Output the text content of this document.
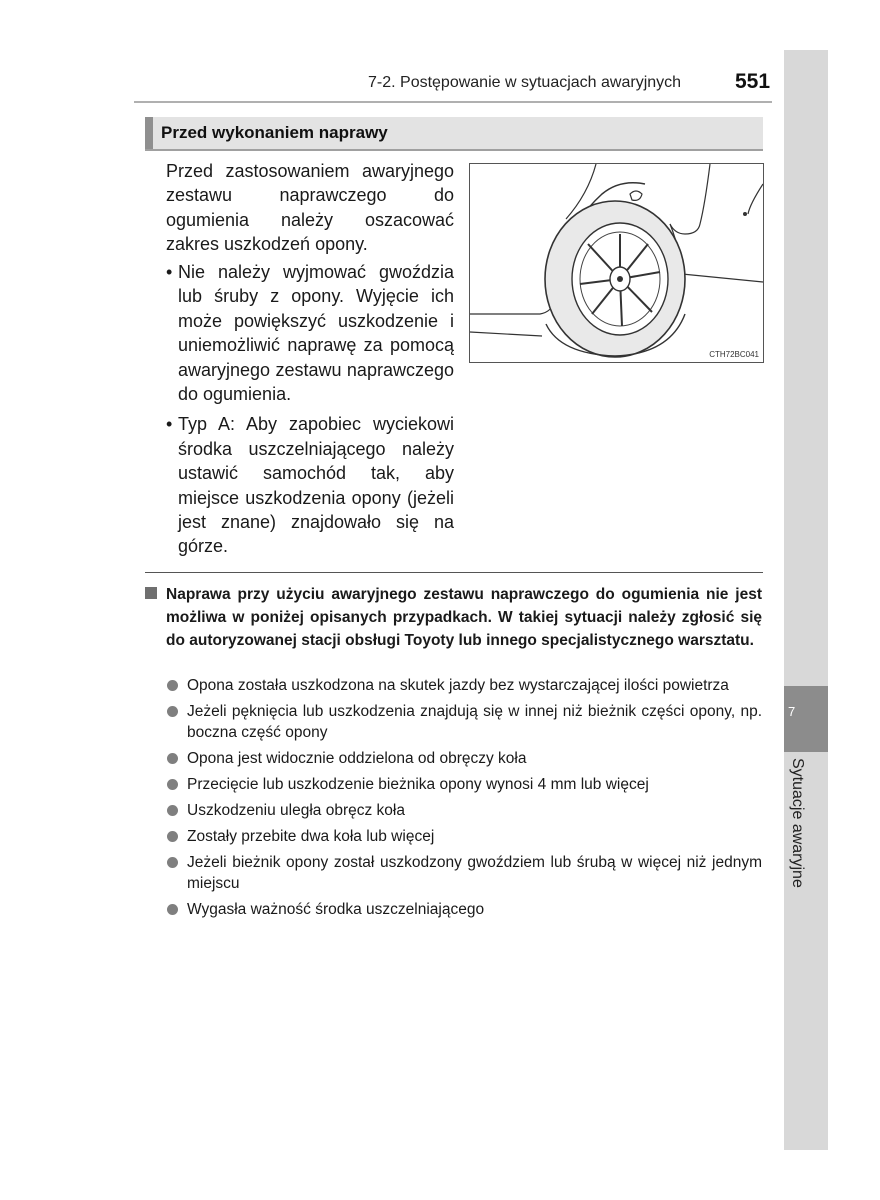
7-2. Postępowanie w sytuacjach awaryjnych	551
7
Sytuacje awaryjne
Przed wykonaniem naprawy

Przed zastosowaniem awaryjnego zestawu naprawczego do ogumienia należy oszacować zakres uszkodzeń opony.

• Nie należy wyjmować gwoździa lub śruby z opony. Wyjęcie ich może powiększyć uszkodzenie i uniemożliwić naprawę za pomocą awaryjnego zestawu naprawczego do ogumienia.
• Typ A: Aby zapobiec wyciekowi środka uszczelniającego należy ustawić samochód tak, aby miejsce uszkodzenia opony (jeżeli jest znane) znajdowało się na górze.
CTH72BC041
Naprawa przy użyciu awaryjnego zestawu naprawczego do ogumienia nie jest możliwa w poniżej opisanych przypadkach. W takiej sytuacji należy zgłosić się do autoryzowanej stacji obsługi Toyoty lub innego specjalistycznego warsztatu.
Opona została uszkodzona na skutek jazdy bez wystarczającej ilości powietrza
Jeżeli pęknięcia lub uszkodzenia znajdują się w innej niż bieżnik części opony, np. boczna część opony
Opona jest widocznie oddzielona od obręczy koła
Przecięcie lub uszkodzenie bieżnika opony wynosi 4 mm lub więcej
Uszkodzeniu uległa obręcz koła
Zostały przebite dwa koła lub więcej
Jeżeli bieżnik opony został uszkodzony gwoździem lub śrubą w więcej niż jednym miejscu
Wygasła ważność środka uszczelniającego
